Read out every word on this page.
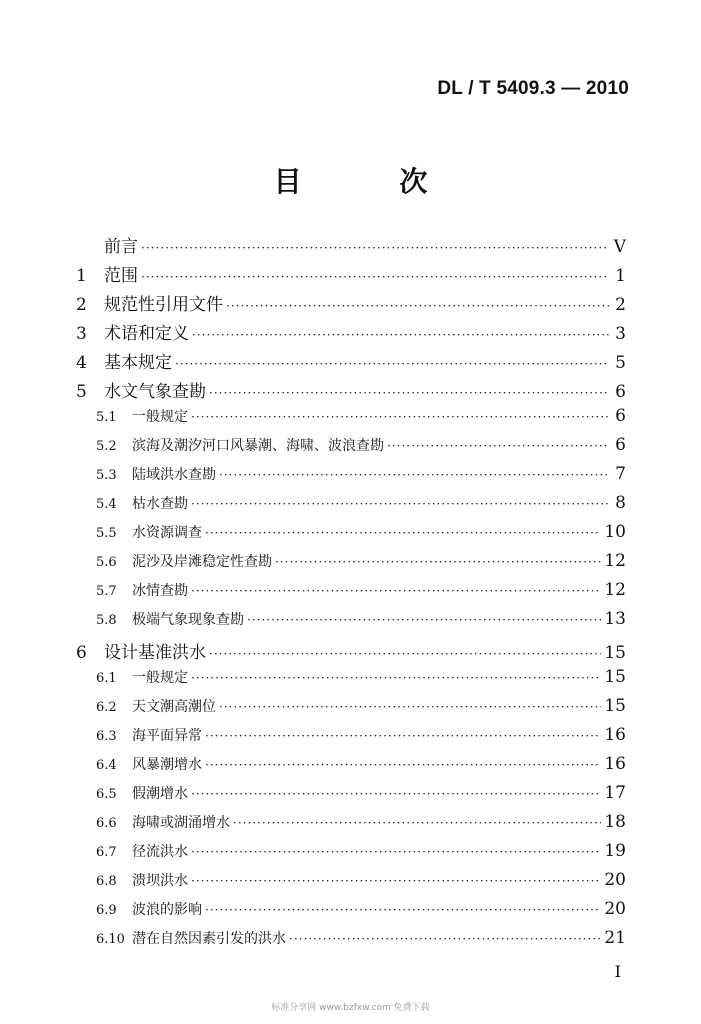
DL / T 5409.3 — 2010
目 次
前言 ·····	V
1	范围 ·····	1
2	规范性引用文件 ·····	2
3	术语和定义 ·····	3
4	基本规定 ·····	5
5	水文气象查勘 ·····	6
5.1	一般规定 ·····	6
5.2	滨海及潮汐河口风暴潮、海啸、波浪查勘 ·····	6
5.3	陆域洪水查勘 ·····	7
5.4	枯水查勘 ·····	8
5.5	水资源调查 ·····	10
5.6	泥沙及岸滩稳定性查勘 ·····	12
5.7	冰情查勘 ·····	12
5.8	极端气象现象查勘 ·····	13
6	设计基准洪水 ·····	15
6.1	一般规定 ·····	15
6.2	天文潮高潮位 ·····	15
6.3	海平面异常 ·····	16
6.4	风暴潮增水 ·····	16
6.5	假潮增水 ·····	17
6.6	海啸或湖涌增水 ·····	18
6.7	径流洪水 ·····	19
6.8	溃坝洪水 ·····	20
6.9	波浪的影响 ·····	20
6.10 潜在自然因素引发的洪水 ·····	21
I
标准分享网 www.bzfxw.com 免费下载
